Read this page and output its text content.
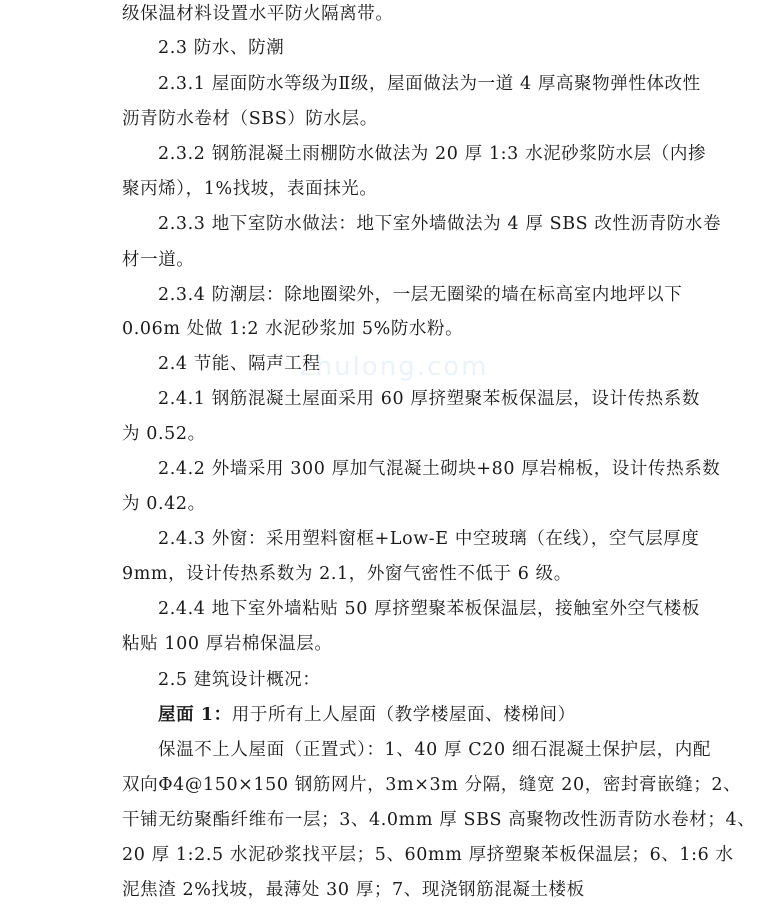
zhulong.com
级保温材料设置水平防火隔离带。
2.3 防水、防潮
2.3.1 屋面防水等级为Ⅱ级，屋面做法为一道 4 厚高聚物弹性体改性
沥青防水卷材（SBS）防水层。
2.3.2 钢筋混凝土雨棚防水做法为 20 厚 1:3 水泥砂浆防水层（内掺
聚丙烯），1%找坡，表面抹光。
2.3.3 地下室防水做法：地下室外墙做法为 4 厚 SBS 改性沥青防水卷
材一道。
2.3.4 防潮层：除地圈梁外，一层无圈梁的墙在标高室内地坪以下
0.06m 处做 1:2 水泥砂浆加 5%防水粉。
2.4 节能、隔声工程
2.4.1 钢筋混凝土屋面采用 60 厚挤塑聚苯板保温层，设计传热系数
为 0.52。
2.4.2 外墙采用 300 厚加气混凝土砌块+80 厚岩棉板，设计传热系数
为 0.42。
2.4.3 外窗：采用塑料窗框+Low-E 中空玻璃（在线），空气层厚度
9mm，设计传热系数为 2.1，外窗气密性不低于 6 级。
2.4.4 地下室外墙粘贴 50 厚挤塑聚苯板保温层，接触室外空气楼板
粘贴 100 厚岩棉保温层。
2.5 建筑设计概况：
屋面 1：用于所有上人屋面（教学楼屋面、楼梯间）
保温不上人屋面（正置式）：1、40 厚 C20 细石混凝土保护层，内配
双向Φ4@150×150 钢筋网片，3m×3m 分隔，缝宽 20，密封膏嵌缝；2、
干铺无纺聚酯纤维布一层；3、4.0mm 厚 SBS 高聚物改性沥青防水卷材；4、
20 厚 1:2.5 水泥砂浆找平层；5、60mm 厚挤塑聚苯板保温层；6、1:6 水
泥焦渣 2%找坡，最薄处 30 厚；7、现浇钢筋混凝土楼板
